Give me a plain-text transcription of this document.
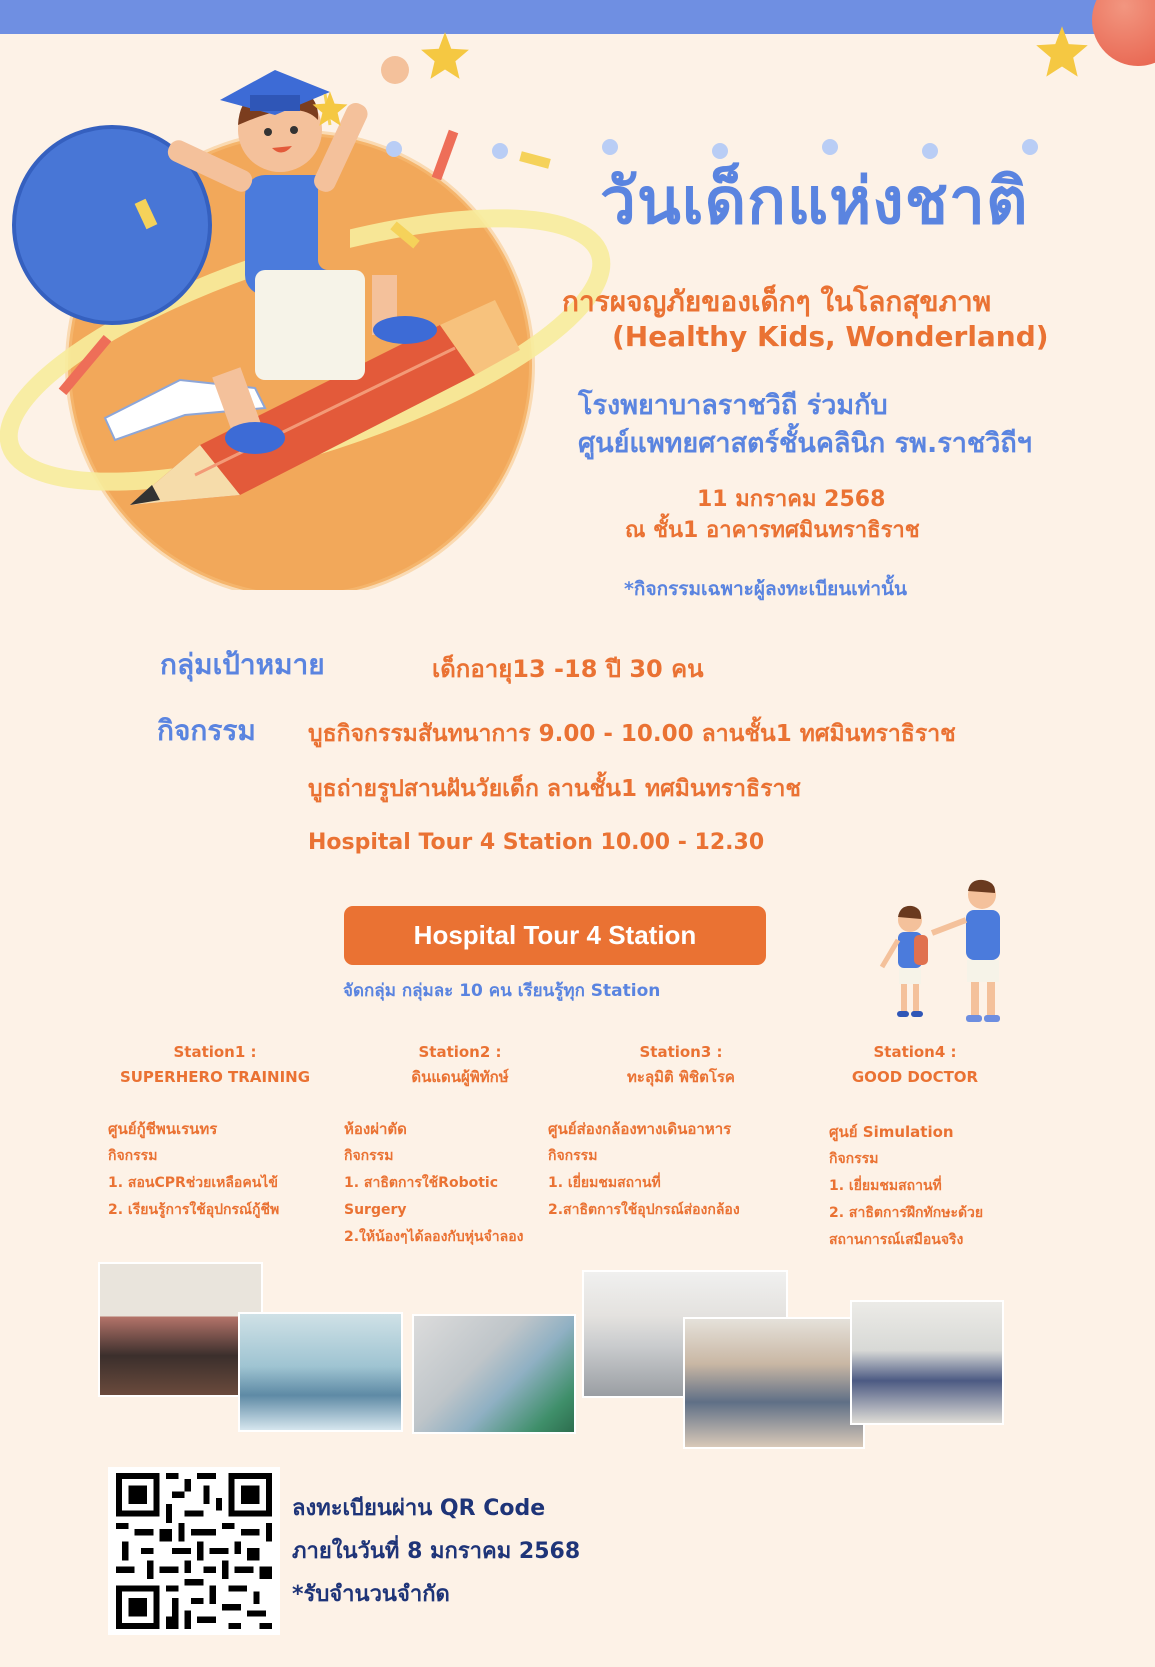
วันเด็กแห่งชาติ
การผจญภัยของเด็กๆ ในโลกสุขภาพ
(Healthy Kids, Wonderland)
โรงพยาบาลราชวิถี ร่วมกับ
ศูนย์แพทยศาสตร์ชั้นคลินิก รพ.ราชวิถีฯ
11 มกราคม 2568
ณ ชั้น1 อาคารทศมินทราธิราช
*กิจกรรมเฉพาะผู้ลงทะเบียนเท่านั้น
กลุ่มเป้าหมาย	เด็กอายุ13 -18 ปี 30 คน
กิจกรรม บูธกิจกรรมสันทนาการ 9.00 - 10.00 ลานชั้น1 ทศมินทราธิราช
บูธถ่ายรูปสานฝันวัยเด็ก ลานชั้น1 ทศมินทราธิราช
Hospital Tour 4 Station 10.00 - 12.30
Hospital Tour 4 Station
จัดกลุ่ม กลุ่มละ 10 คน เรียนรู้ทุก Station
Station1 :
SUPERHERO TRAINING
Station2 :
ดินแดนผู้พิทักษ์
Station3 :
ทะลุมิติ พิชิตโรค
Station4 :
GOOD DOCTOR
ศูนย์กู้ชีพนเรนทร
กิจกรรม
1. สอนCPRช่วยเหลือคนไข้
2. เรียนรู้การใช้อุปกรณ์กู้ชีพ
ห้องผ่าตัด
กิจกรรม
1. สาธิตการใช้Robotic
Surgery
2.ให้น้องๆได้ลองกับหุ่นจำลอง
ศูนย์ส่องกล้องทางเดินอาหาร
กิจกรรม
1. เยี่ยมชมสถานที่
2.สาธิตการใช้อุปกรณ์ส่องกล้อง
ศูนย์ Simulation
กิจกรรม
1. เยี่ยมชมสถานที่
2. สาธิตการฝึกทักษะด้วย
สถานการณ์เสมือนจริง
ลงทะเบียนผ่าน QR Code
ภายในวันที่ 8 มกราคม 2568
*รับจำนวนจำกัด
